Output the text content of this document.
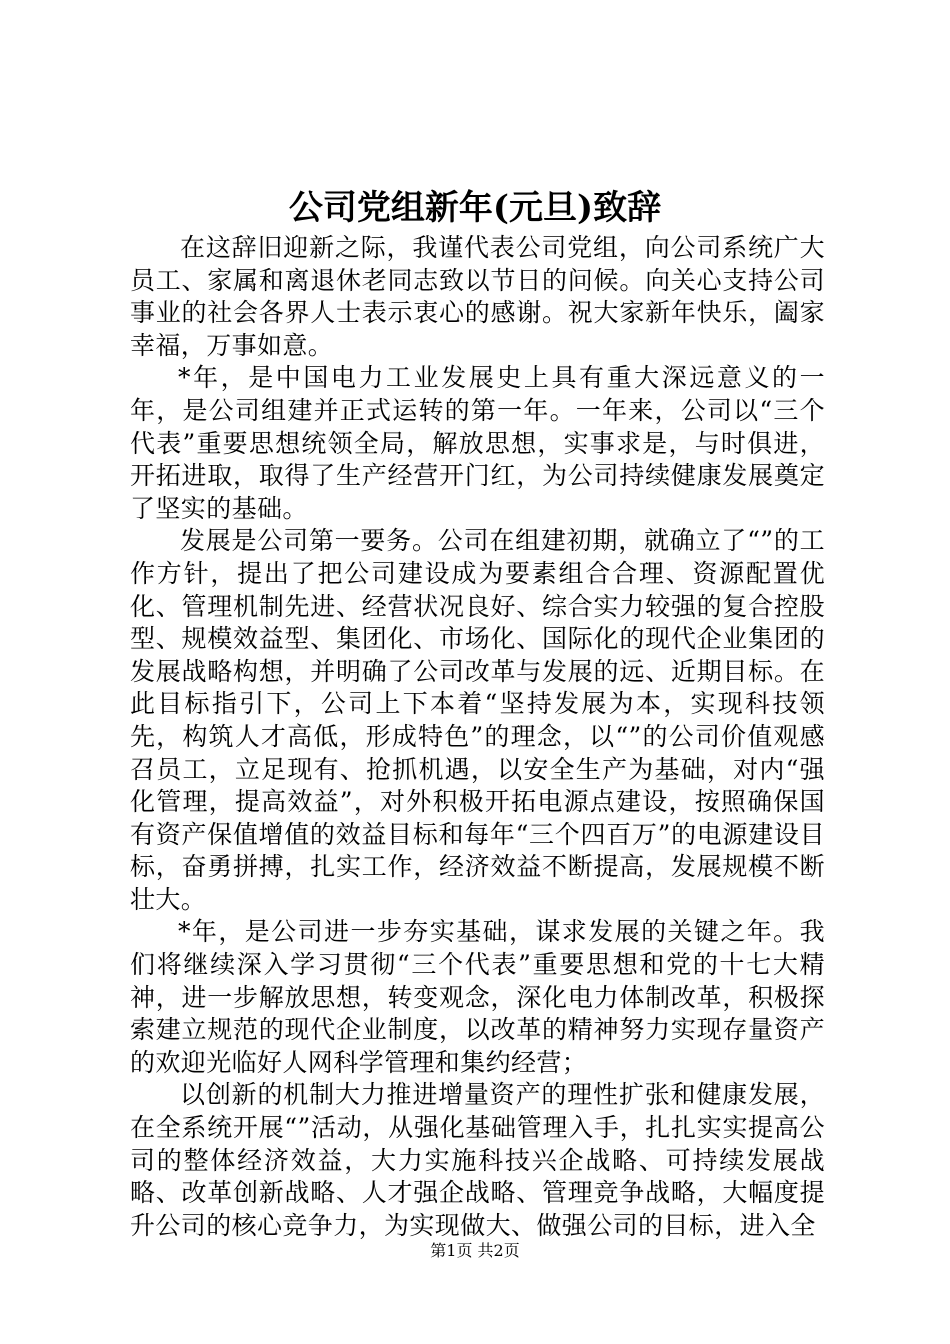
公司党组新年(元旦)致辞

在这辞旧迎新之际，我谨代表公司党组，向公司系统广大员工、家属和离退休老同志致以节日的问候。向关心支持公司事业的社会各界人士表示衷心的感谢。祝大家新年快乐，阖家幸福，万事如意。

*年，是中国电力工业发展史上具有重大深远意义的一年，是公司组建并正式运转的第一年。一年来，公司以“三个代表”重要思想统领全局，解放思想，实事求是，与时俱进，开拓进取，取得了生产经营开门红，为公司持续健康发展奠定了坚实的基础。

发展是公司第一要务。公司在组建初期，就确立了“”的工作方针，提出了把公司建设成为要素组合合理、资源配置优化、管理机制先进、经营状况良好、综合实力较强的复合控股型、规模效益型、集团化、市场化、国际化的现代企业集团的发展战略构想，并明确了公司改革与发展的远、近期目标。在此目标指引下，公司上下本着“坚持发展为本，实现科技领先，构筑人才高低，形成特色”的理念，以“”的公司价值观感召员工，立足现有、抢抓机遇，以安全生产为基础，对内“强化管理，提高效益”，对外积极开拓电源点建设，按照确保国有资产保值增值的效益目标和每年“三个四百万”的电源建设目标，奋勇拼搏，扎实工作，经济效益不断提高，发展规模不断壮大。

*年，是公司进一步夯实基础，谋求发展的关键之年。我们将继续深入学习贯彻“三个代表”重要思想和党的十七大精神，进一步解放思想，转变观念，深化电力体制改革，积极探索建立规范的现代企业制度，以改革的精神努力实现存量资产的欢迎光临好人网科学管理和集约经营；

以创新的机制大力推进增量资产的理性扩张和健康发展，在全系统开展“”活动，从强化基础管理入手，扎扎实实提高公司的整体经济效益，大力实施科技兴企战略、可持续发展战略、改革创新战略、人才强企战略、管理竞争战略，大幅度提升公司的核心竞争力，为实现做大、做强公司的目标，进入全

第1页 共2页
